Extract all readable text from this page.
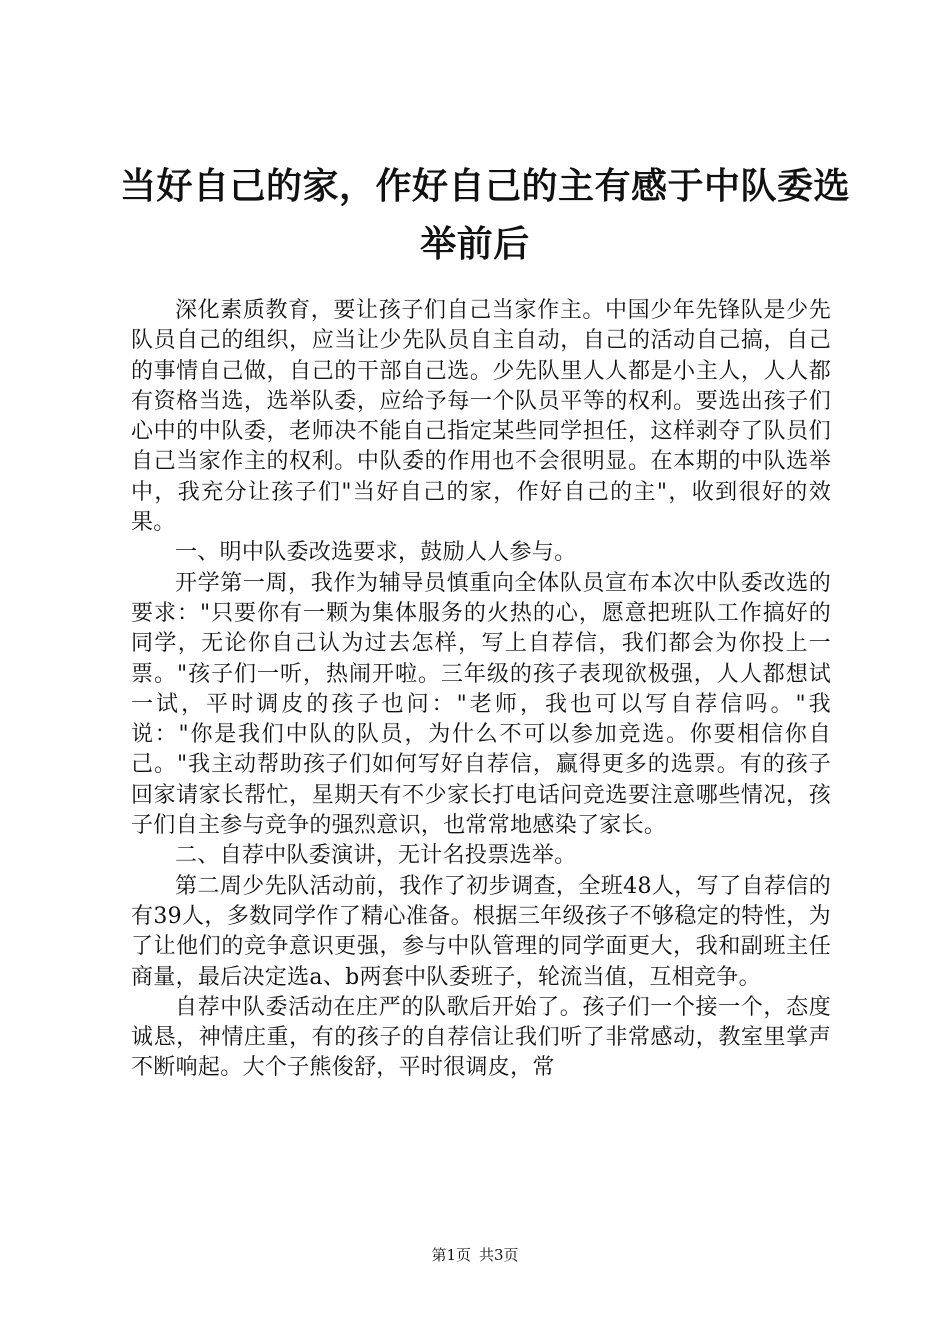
当好自己的家，作好自己的主有感于中队委选
举前后

深化素质教育，要让孩子们自己当家作主。中国少年先锋队是少先队员自己的组织，应当让少先队员自主自动，自己的活动自己搞，自己的事情自己做，自己的干部自己选。少先队里人人都是小主人，人人都有资格当选，选举队委，应给予每一个队员平等的权利。要选出孩子们心中的中队委，老师决不能自己指定某些同学担任，这样剥夺了队员们自己当家作主的权利。中队委的作用也不会很明显。在本期的中队选举中，我充分让孩子们"当好自己的家，作好自己的主"，收到很好的效果。

一、明中队委改选要求，鼓励人人参与。

开学第一周，我作为辅导员慎重向全体队员宣布本次中队委改选的要求："只要你有一颗为集体服务的火热的心，愿意把班队工作搞好的同学，无论你自己认为过去怎样，写上自荐信，我们都会为你投上一票。"孩子们一听，热闹开啦。三年级的孩子表现欲极强，人人都想试一试，平时调皮的孩子也问："老师，我也可以写自荐信吗。"我说："你是我们中队的队员，为什么不可以参加竞选。你要相信你自己。"我主动帮助孩子们如何写好自荐信，赢得更多的选票。有的孩子回家请家长帮忙，星期天有不少家长打电话问竞选要注意哪些情况，孩子们自主参与竞争的强烈意识，也常常地感染了家长。

二、自荐中队委演讲，无计名投票选举。

第二周少先队活动前，我作了初步调查，全班48人，写了自荐信的有39人，多数同学作了精心准备。根据三年级孩子不够稳定的特性，为了让他们的竞争意识更强，参与中队管理的同学面更大，我和副班主任商量，最后决定选a、b两套中队委班子，轮流当值，互相竞争。

自荐中队委活动在庄严的队歌后开始了。孩子们一个接一个，态度诚恳，神情庄重，有的孩子的自荐信让我们听了非常感动，教室里掌声不断响起。大个子熊俊舒，平时很调皮，常

第1页 共3页
